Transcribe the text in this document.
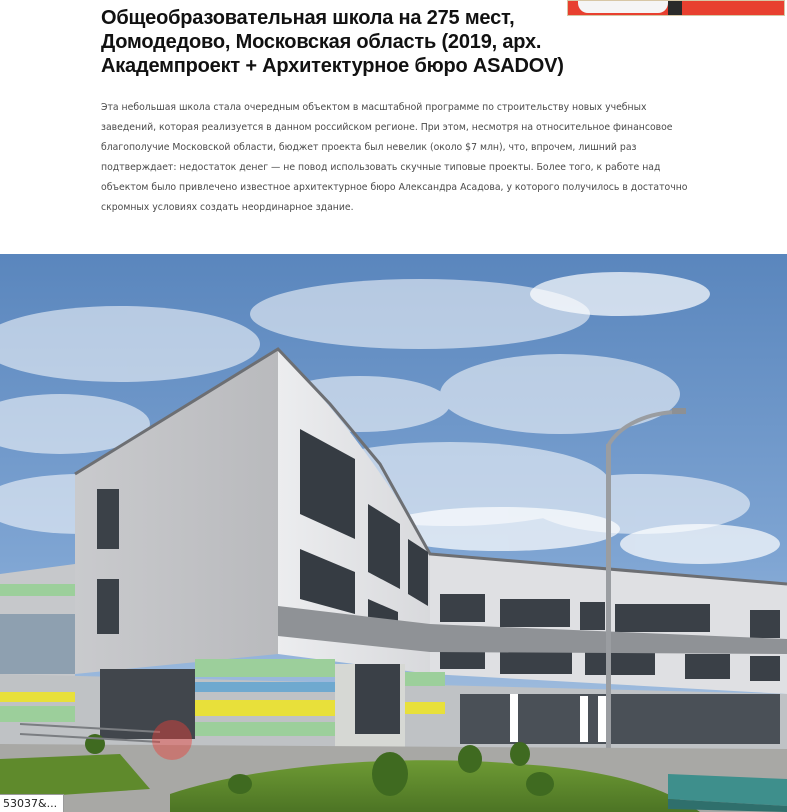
Общеобразовательная школа на 275 мест, Домодедово, Московская область (2019, арх. Академпроект + Архитектурное бюро ASADOV)

Эта небольшая школа стала очередным объектом в масштабной программе по строительству новых учебных заведений, которая реализуется в данном российском регионе. При этом, несмотря на относительное финансовое благополучие Московской области, бюджет проекта был невелик (около $7 млн), что, впрочем, лишний раз подтверждает: недостаток денег — не повод использовать скучные типовые проекты. Более того, к работе над объектом было привлечено известное архитектурное бюро Александра Асадова, у которого получилось в достаточно скромных условиях создать неординарное здание.

53037&...
